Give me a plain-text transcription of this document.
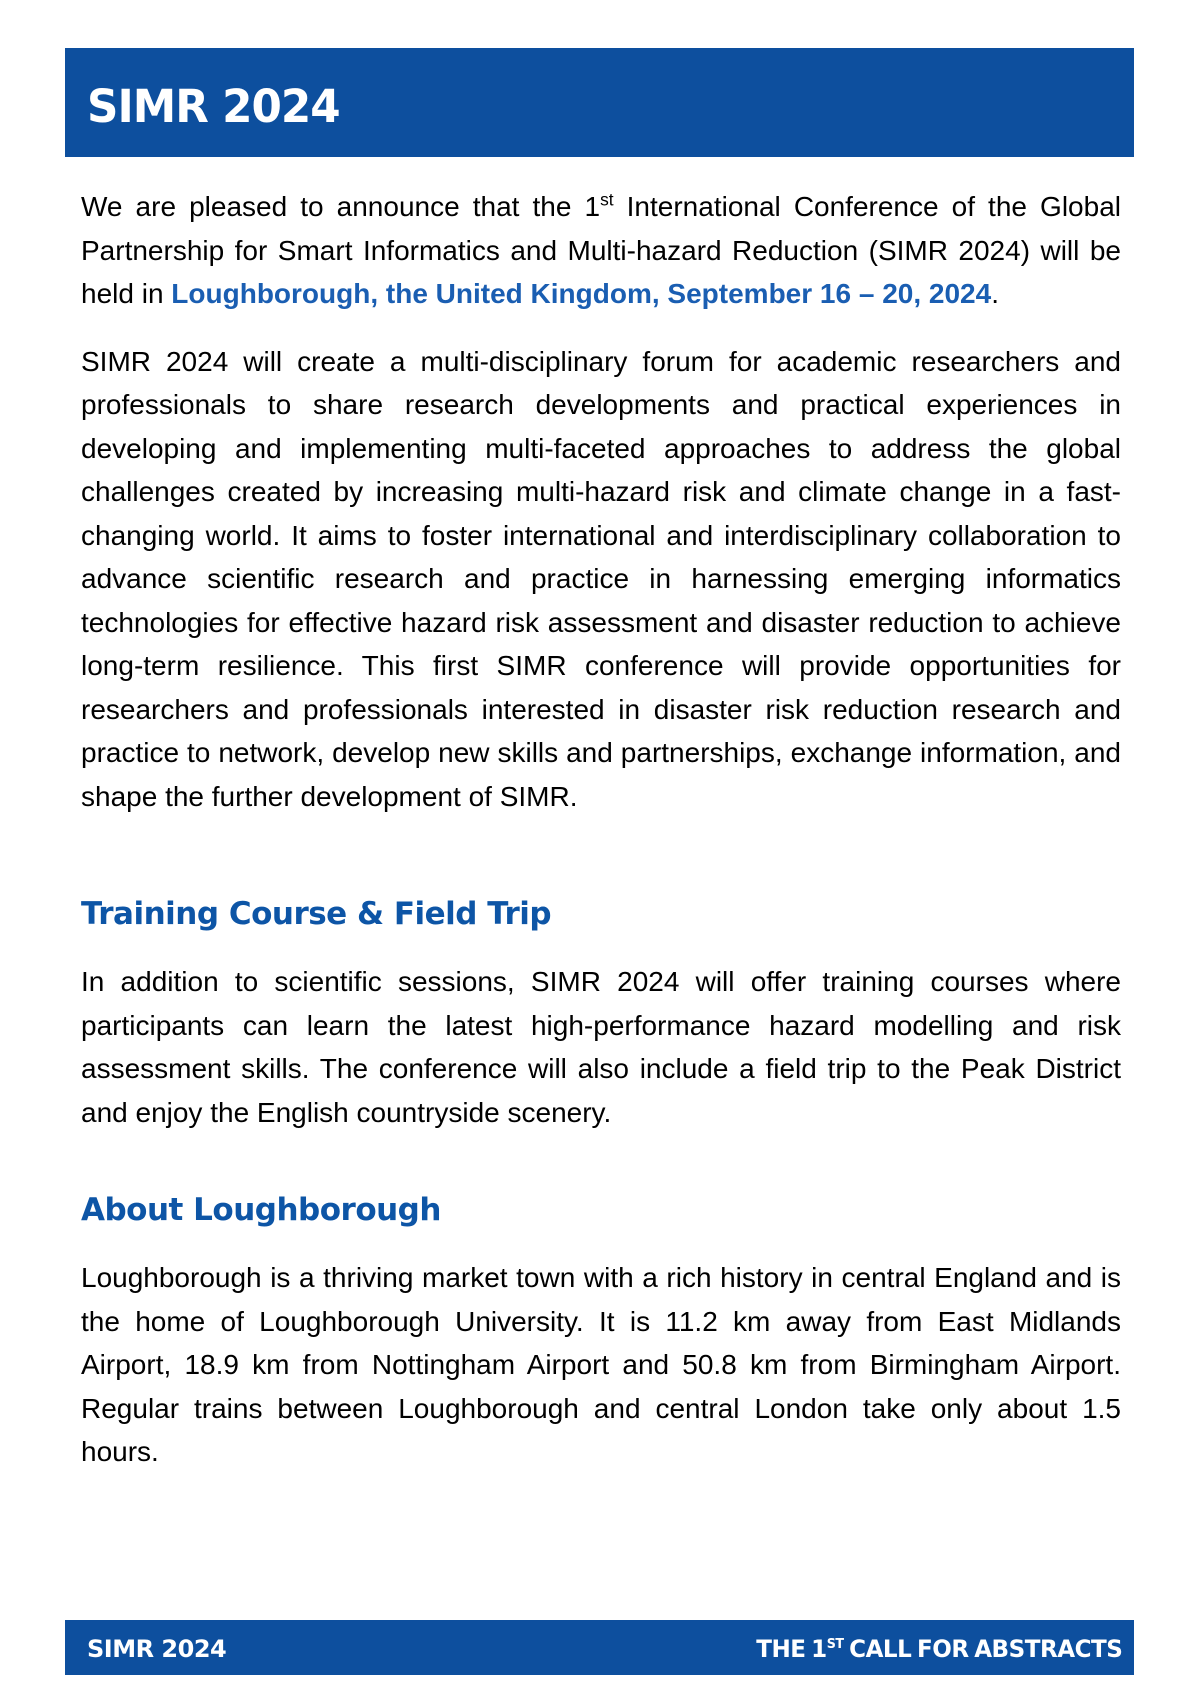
SIMR 2024

We are pleased to announce that the 1st International Conference of the Global Partnership for Smart Informatics and Multi-hazard Reduction (SIMR 2024) will be held in Loughborough, the United Kingdom, September 16 – 20, 2024.

SIMR 2024 will create a multi-disciplinary forum for academic researchers and professionals to share research developments and practical experiences in developing and implementing multi-faceted approaches to address the global challenges created by increasing multi-hazard risk and climate change in a fast-changing world. It aims to foster international and interdisciplinary collaboration to advance scientific research and practice in harnessing emerging informatics technologies for effective hazard risk assessment and disaster reduction to achieve long-term resilience. This first SIMR conference will provide opportunities for researchers and professionals interested in disaster risk reduction research and practice to network, develop new skills and partnerships, exchange information, and shape the further development of SIMR.

Training Course & Field Trip

In addition to scientific sessions, SIMR 2024 will offer training courses where participants can learn the latest high-performance hazard modelling and risk assessment skills. The conference will also include a field trip to the Peak District and enjoy the English countryside scenery.

About Loughborough

Loughborough is a thriving market town with a rich history in central England and is the home of Loughborough University. It is 11.2 km away from East Midlands Airport, 18.9 km from Nottingham Airport and 50.8 km from Birmingham Airport. Regular trains between Loughborough and central London take only about 1.5 hours.

SIMR 2024	THE 1ST CALL FOR ABSTRACTS
